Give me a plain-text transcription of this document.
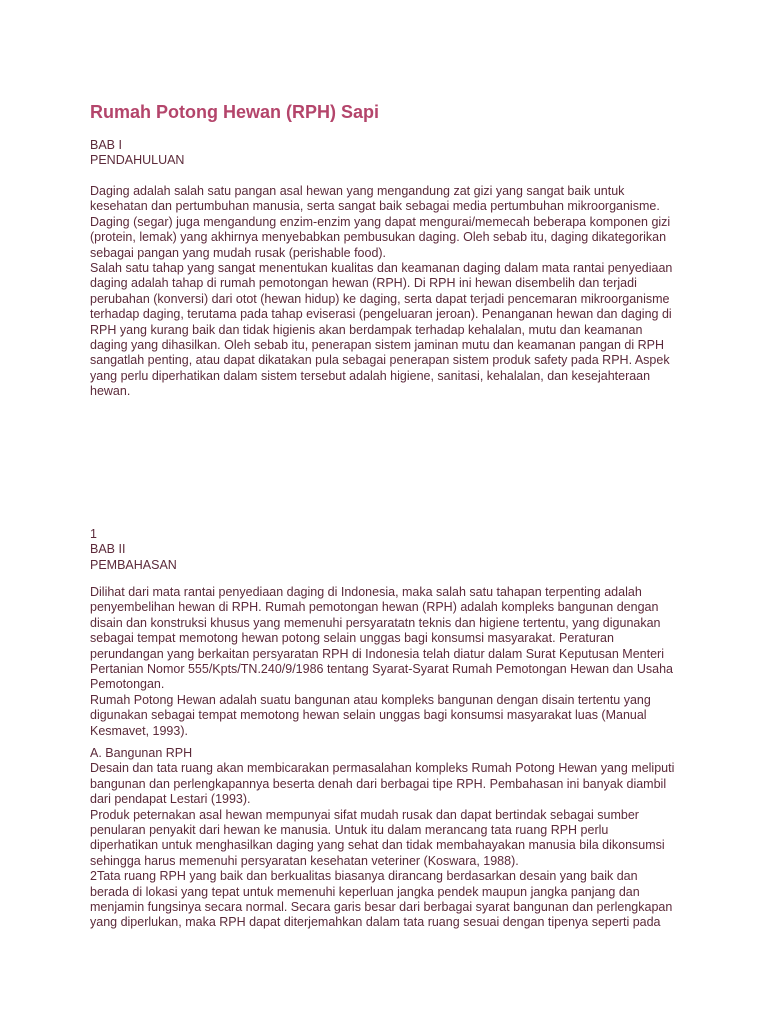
Rumah Potong Hewan (RPH) Sapi
BAB I
PENDAHULUAN
Daging adalah salah satu pangan asal hewan yang mengandung zat gizi yang sangat baik untuk
kesehatan dan pertumbuhan manusia, serta sangat baik sebagai media pertumbuhan mikroorganisme.
Daging (segar) juga mengandung enzim-enzim yang dapat mengurai/memecah beberapa komponen gizi
(protein, lemak) yang akhirnya menyebabkan pembusukan daging. Oleh sebab itu, daging dikategorikan
sebagai pangan yang mudah rusak (perishable food).
Salah satu tahap yang sangat menentukan kualitas dan keamanan daging dalam mata rantai penyediaan
daging adalah tahap di rumah pemotongan hewan (RPH). Di RPH ini hewan disembelih dan terjadi
perubahan (konversi) dari otot (hewan hidup) ke daging, serta dapat terjadi pencemaran mikroorganisme
terhadap daging, terutama pada tahap eviserasi (pengeluaran jeroan). Penanganan hewan dan daging di
RPH yang kurang baik dan tidak higienis akan berdampak terhadap kehalalan, mutu dan keamanan
daging yang dihasilkan. Oleh sebab itu, penerapan sistem jaminan mutu dan keamanan pangan di RPH
sangatlah penting, atau dapat dikatakan pula sebagai penerapan sistem produk safety pada RPH. Aspek
yang perlu diperhatikan dalam sistem tersebut adalah higiene, sanitasi, kehalalan, dan kesejahteraan
hewan.
1
BAB II
PEMBAHASAN
Dilihat dari mata rantai penyediaan daging di Indonesia, maka salah satu tahapan terpenting adalah
penyembelihan hewan di RPH. Rumah pemotongan hewan (RPH) adalah kompleks bangunan dengan
disain dan konstruksi khusus yang memenuhi persyaratatn teknis dan higiene tertentu, yang digunakan
sebagai tempat memotong hewan potong selain unggas bagi konsumsi masyarakat. Peraturan
perundangan yang berkaitan persyaratan RPH di Indonesia telah diatur dalam Surat Keputusan Menteri
Pertanian Nomor 555/Kpts/TN.240/9/1986 tentang Syarat-Syarat Rumah Pemotongan Hewan dan Usaha
Pemotongan.
Rumah Potong Hewan adalah suatu bangunan atau kompleks bangunan dengan disain tertentu yang
digunakan sebagai tempat memotong hewan selain unggas bagi konsumsi masyarakat luas (Manual
Kesmavet, 1993).
A. Bangunan RPH
Desain dan tata ruang akan membicarakan permasalahan kompleks Rumah Potong Hewan yang meliputi
bangunan dan perlengkapannya beserta denah dari berbagai tipe RPH. Pembahasan ini banyak diambil
dari pendapat Lestari (1993).
Produk peternakan asal hewan mempunyai sifat mudah rusak dan dapat bertindak sebagai sumber
penularan penyakit dari hewan ke manusia. Untuk itu dalam merancang tata ruang RPH perlu
diperhatikan untuk menghasilkan daging yang sehat dan tidak membahayakan manusia bila dikonsumsi
sehingga harus memenuhi persyaratan kesehatan veteriner (Koswara, 1988).
2Tata ruang RPH yang baik dan berkualitas biasanya dirancang berdasarkan desain yang baik dan
berada di lokasi yang tepat untuk memenuhi keperluan jangka pendek maupun jangka panjang dan
menjamin fungsinya secara normal. Secara garis besar dari berbagai syarat bangunan dan perlengkapan
yang diperlukan, maka RPH dapat diterjemahkan dalam tata ruang sesuai dengan tipenya seperti pada
